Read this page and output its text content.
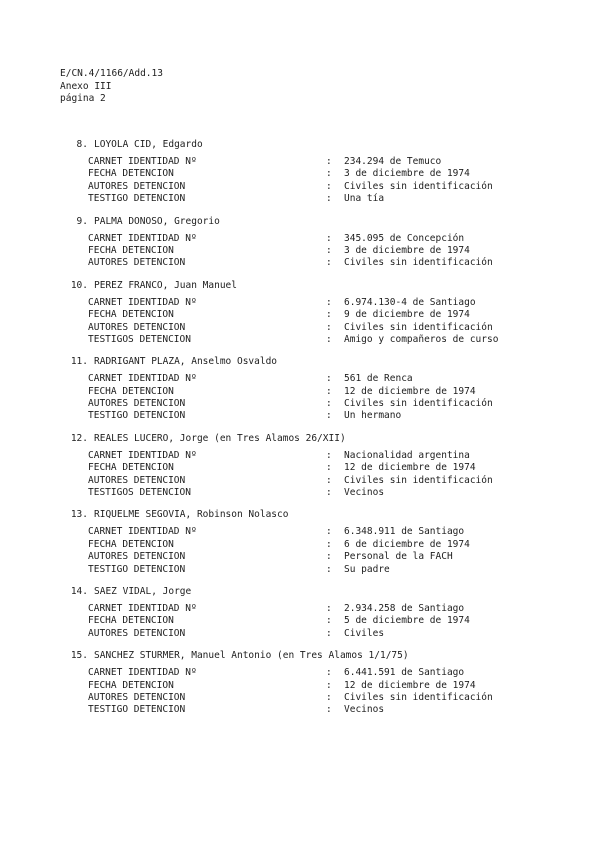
E/CN.4/1166/Add.13
Anexo III
página 2
8. LOYOLA CID, Edgardo
CARNET IDENTIDAD Nº	:	234.294 de Temuco
FECHA DETENCION	:	3 de diciembre de 1974
AUTORES DETENCION	:	Civiles sin identificación
TESTIGO DETENCION	:	Una tía
9. PALMA DONOSO, Gregorio
CARNET IDENTIDAD Nº	:	345.095 de Concepción
FECHA DETENCION	:	3 de diciembre de 1974
AUTORES DETENCION	:	Civiles sin identificación
10. PEREZ FRANCO, Juan Manuel
CARNET IDENTIDAD Nº	:	6.974.130-4 de Santiago
FECHA DETENCION	:	9 de diciembre de 1974
AUTORES DETENCION	:	Civiles sin identificación
TESTIGOS DETENCION	:	Amigo y compañeros de curso
11. RADRIGANT PLAZA, Anselmo Osvaldo
CARNET IDENTIDAD Nº	:	561 de Renca
FECHA DETENCION	:	12 de diciembre de 1974
AUTORES DETENCION	:	Civiles sin identificación
TESTIGO DETENCION	:	Un hermano
12. REALES LUCERO, Jorge (en Tres Alamos 26/XII)
CARNET IDENTIDAD Nº	:	Nacionalidad argentina
FECHA DETENCION	:	12 de diciembre de 1974
AUTORES DETENCION	:	Civiles sin identificación
TESTIGOS DETENCION	:	Vecinos
13. RIQUELME SEGOVIA, Robinson Nolasco
CARNET IDENTIDAD Nº	:	6.348.911 de Santiago
FECHA DETENCION	:	6 de diciembre de 1974
AUTORES DETENCION	:	Personal de la FACH
TESTIGO DETENCION	:	Su padre
14. SAEZ VIDAL, Jorge
CARNET IDENTIDAD Nº	:	2.934.258 de Santiago
FECHA DETENCION	:	5 de diciembre de 1974
AUTORES DETENCION	:	Civiles
15. SANCHEZ STURMER, Manuel Antonio (en Tres Alamos 1/1/75)
CARNET IDENTIDAD Nº	:	6.441.591 de Santiago
FECHA DETENCION	:	12 de diciembre de 1974
AUTORES DETENCION	:	Civiles sin identificación
TESTIGO DETENCION	:	Vecinos
